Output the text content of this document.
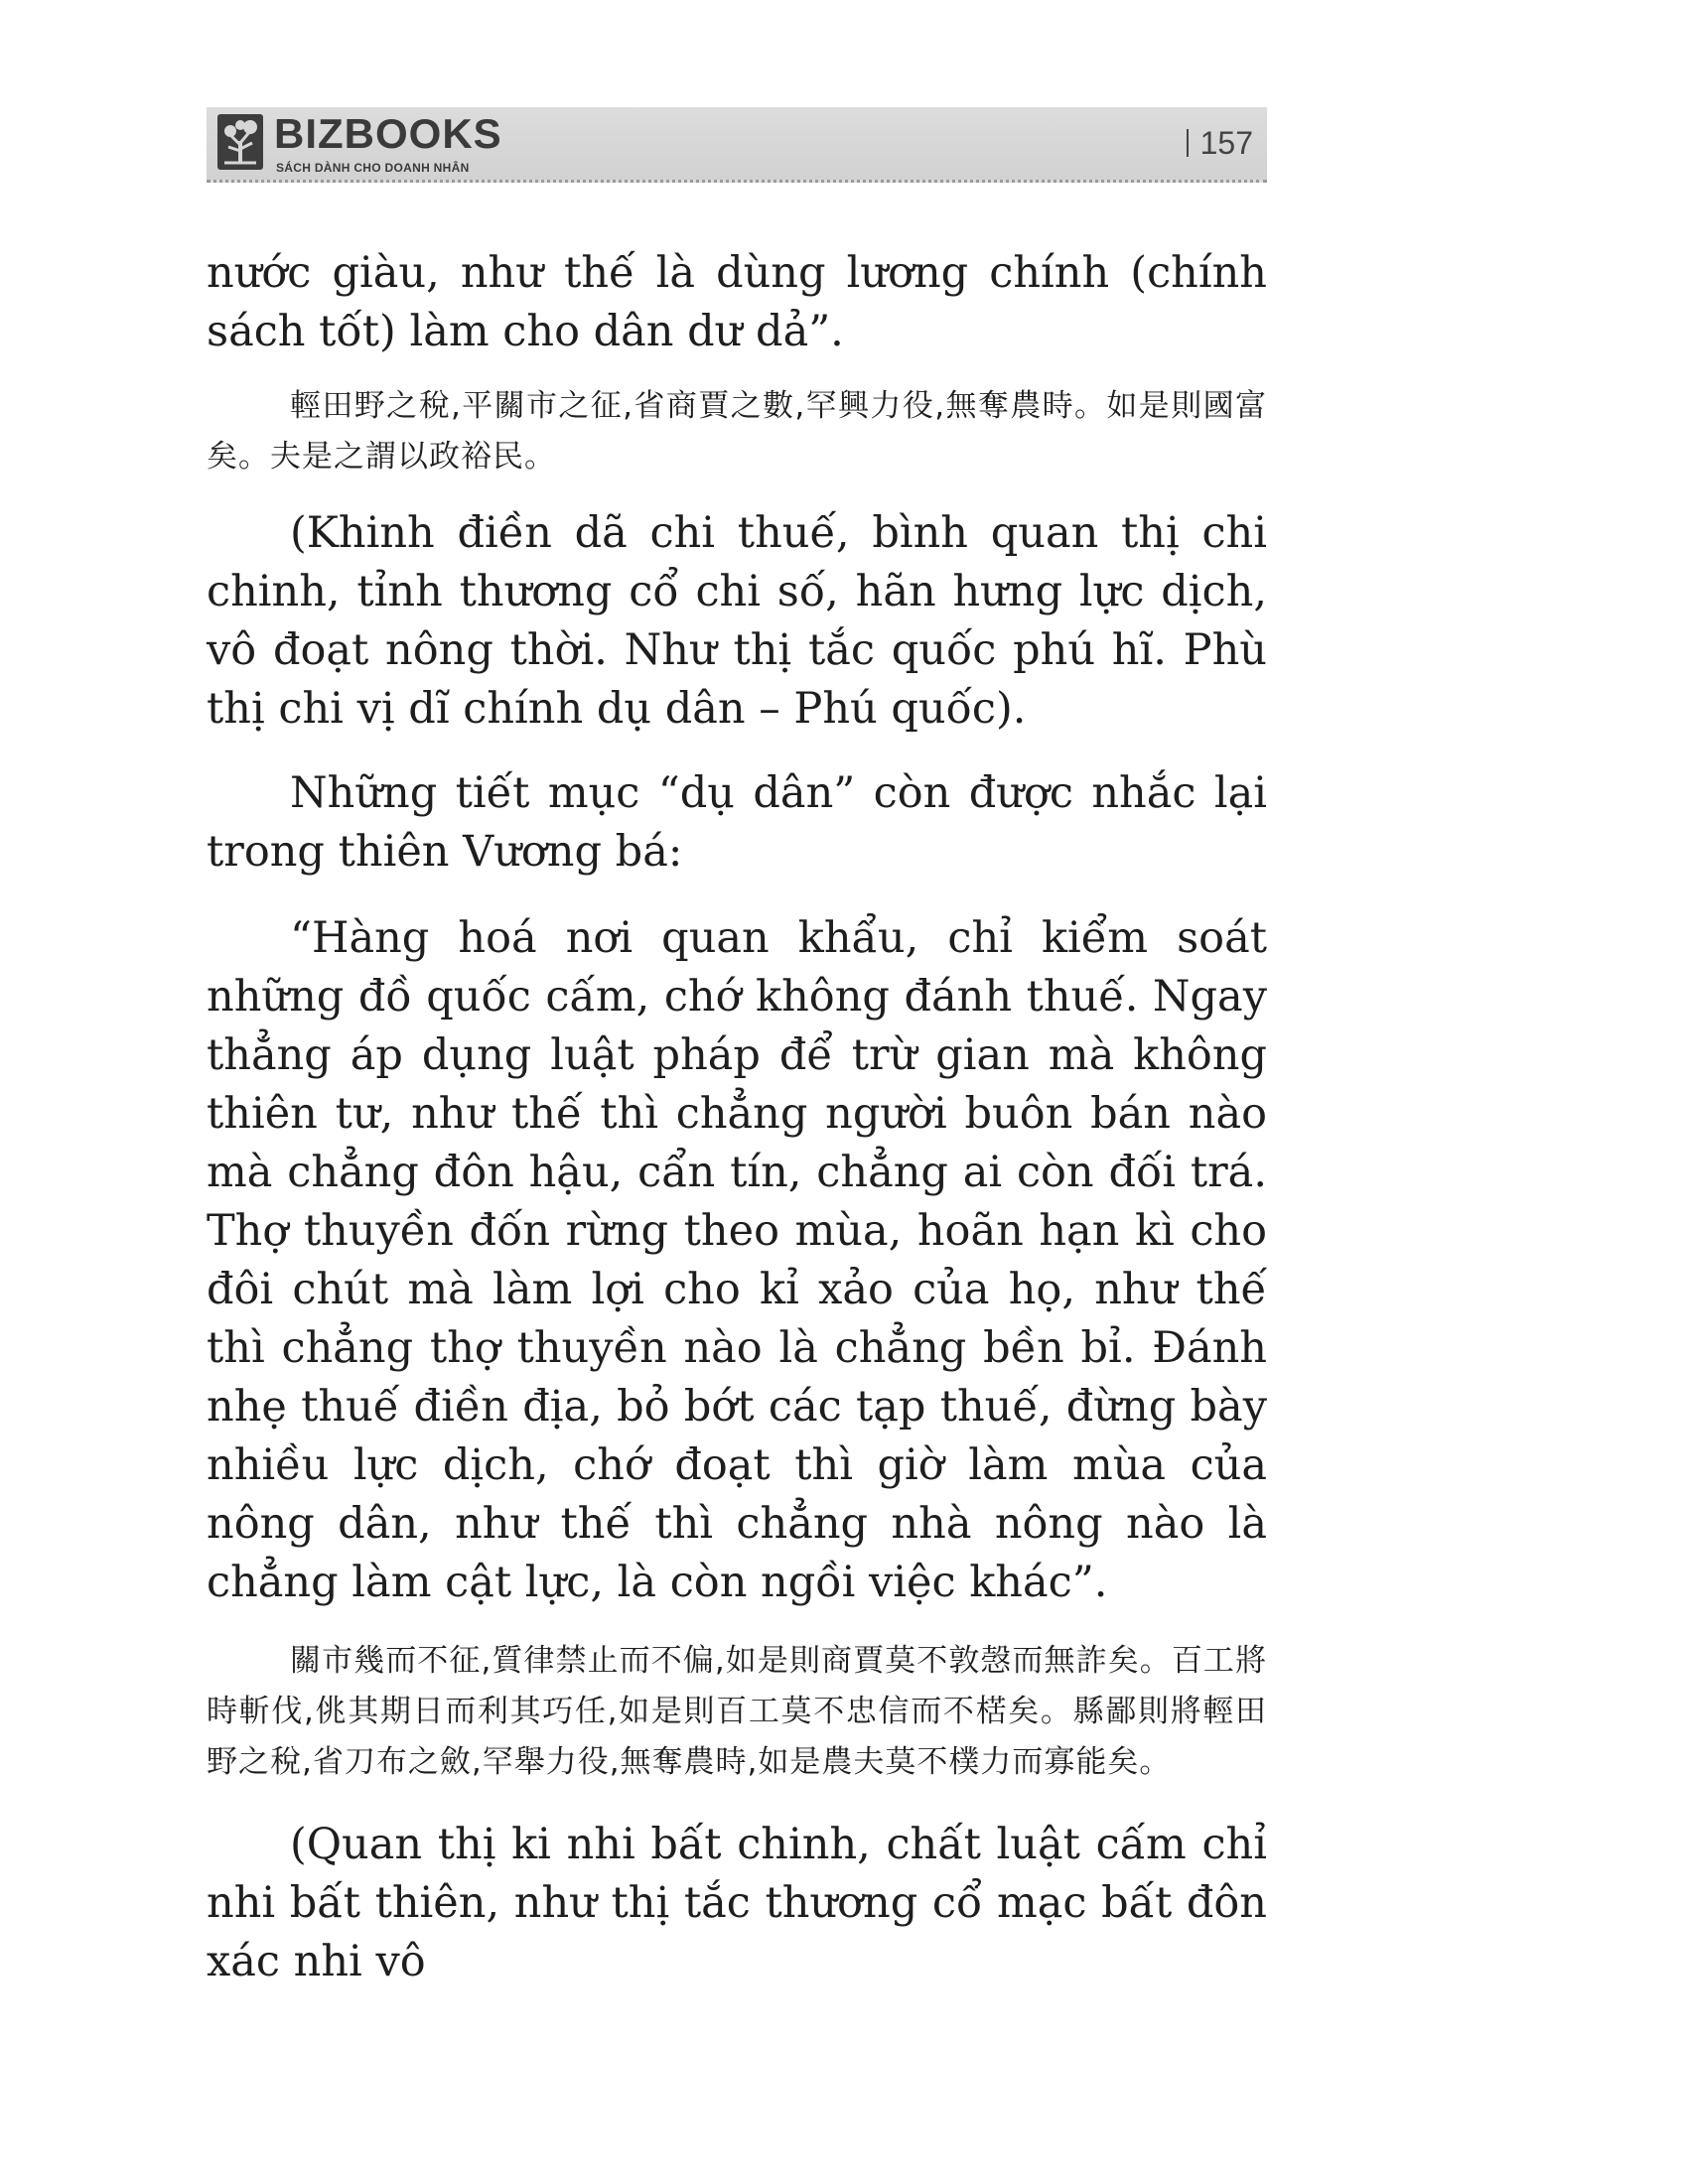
BIZBOOKS
SÁCH DÀNH CHO DOANH NHÂN
157

nước giàu, như thế là dùng lương chính (chính sách tốt) làm cho dân dư dả”.

輕田野之稅,平關市之征,省商賈之數,罕興力役,無奪農時。如是則國富矣。夫是之謂以政裕民。

(Khinh điền dã chi thuế, bình quan thị chi chinh, tỉnh thương cổ chi số, hãn hưng lực dịch, vô đoạt nông thời. Như thị tắc quốc phú hĩ. Phù thị chi vị dĩ chính dụ dân – Phú quốc).

Những tiết mục “dụ dân” còn được nhắc lại trong thiên Vương bá:

“Hàng hoá nơi quan khẩu, chỉ kiểm soát những đồ quốc cấm, chớ không đánh thuế. Ngay thẳng áp dụng luật pháp để trừ gian mà không thiên tư, như thế thì chẳng người buôn bán nào mà chẳng đôn hậu, cẩn tín, chẳng ai còn đối trá. Thợ thuyền đốn rừng theo mùa, hoãn hạn kì cho đôi chút mà làm lợi cho kỉ xảo của họ, như thế thì chẳng thợ thuyền nào là chẳng bền bỉ. Đánh nhẹ thuế điền địa, bỏ bớt các tạp thuế, đừng bày nhiều lực dịch, chớ đoạt thì giờ làm mùa của nông dân, như thế thì chẳng nhà nông nào là chẳng làm cật lực, là còn ngồi việc khác”.

關市幾而不征,質律禁止而不偏,如是則商賈莫不敦愨而無詐矣。百工將時斬伐,佻其期日而利其巧任,如是則百工莫不忠信而不楛矣。縣鄙則將輕田野之稅,省刀布之斂,罕舉力役,無奪農時,如是農夫莫不樸力而寡能矣。

(Quan thị ki nhi bất chinh, chất luật cấm chỉ nhi bất thiên, như thị tắc thương cổ mạc bất đôn xác nhi vô
